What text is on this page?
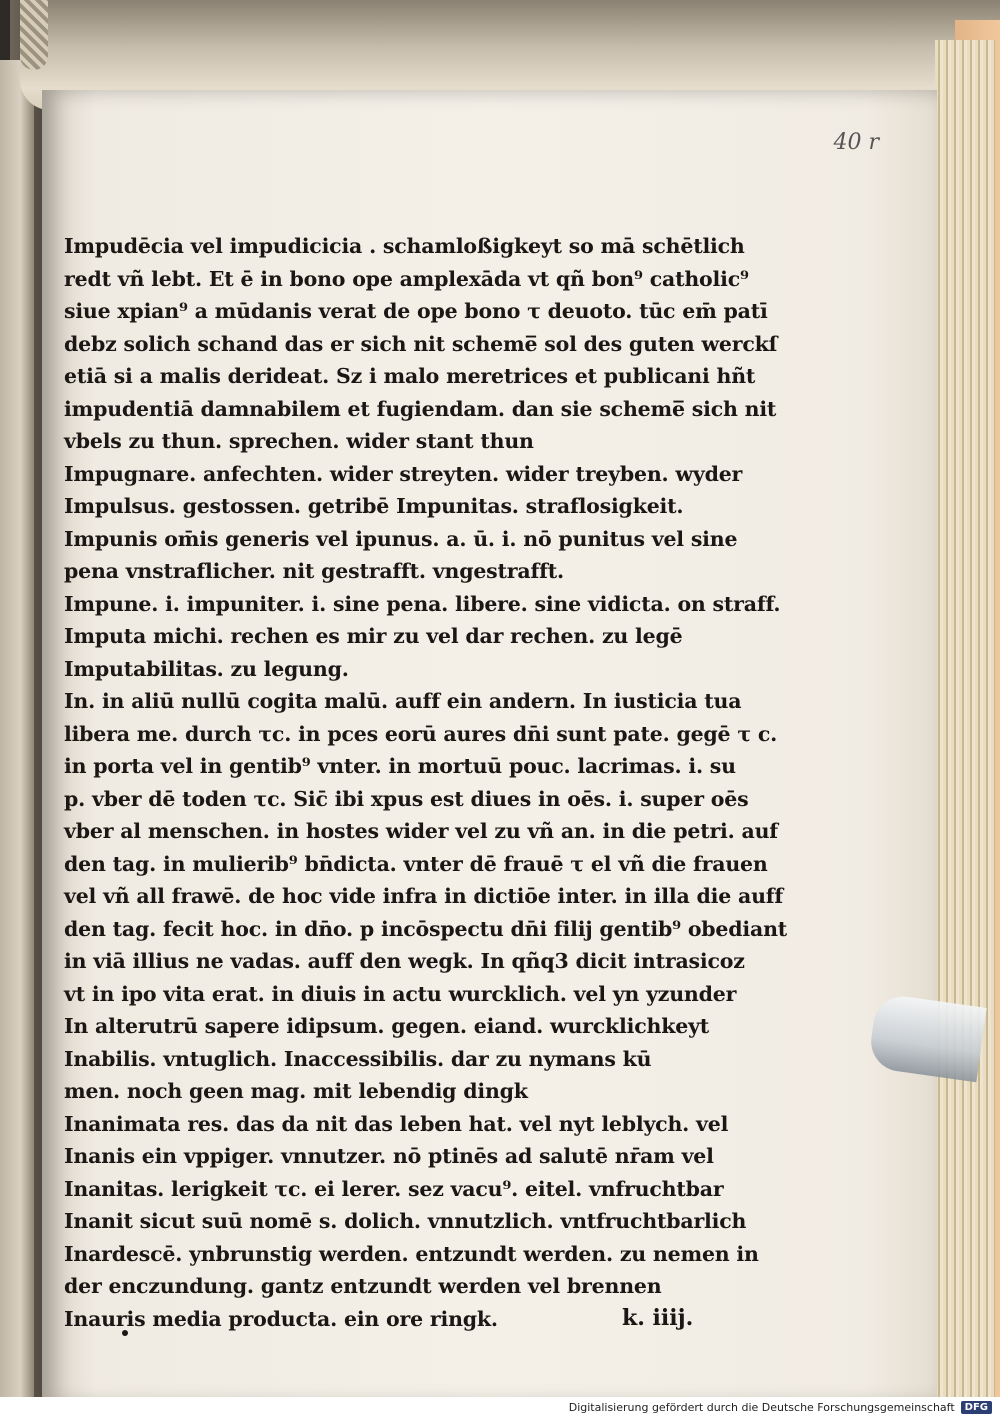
40 r
Impudēcia vel impudicicia . schamloßigkeyt so mā schētlich
redt vñ lebt. Et ē in bono ope amplexāda vt qñ bon⁹ catholic⁹
siue xpian⁹ a mūdanis verat de ope bono τ deuoto. tūc em̄ patī
debz solich schand das er sich nit scheme̅ sol des guten werckſ
etiā si a malis derideat. Sz i malo meretrices et publicani hñt
impudentiā damnabilem et fugiendam. dan sie scheme̅ sich nit
vbels zu thun. sprechen. wider stant thun
Impugnare. anfechten. wider streyten. wider treyben. wyder
Impulsus. gestossen. getribē Impunitas. straflosigkeit.
Impunis om̄is generis vel ipunus. a. ū. i. nō punitus vel sine
pena vnstraflicher. nit gestrafft. vngestrafft.
Impune. i. impuniter. i. sine pena. libere. sine vidicta. on straff.
Imputa michi. rechen es mir zu vel dar rechen. zu legē
Imputabilitas. zu legung.
In. in aliū nullū cogita malū. auff ein andern. In iusticia tua
libera me. durch τc. in pces eorū aures dn̄i sunt pate. gegē τ c.
in porta vel in gentib⁹ vnter. in mortuū pouc. lacrimas. i. su
p. vber dē toden τc. Sic̄ ibi xpus est diues in oēs. i. super oēs
vber al menschen. in hostes wider vel zu vñ an. in die petri. auf
den tag. in mulierib⁹ bn̄dicta. vnter dē frauē τ el vñ die frauen
vel vñ all frawē. de hoc vide infra in dictiōe inter. in illa die auff
den tag. fecit hoc. in dn̄o. p incōspectu dn̄i filij gentib⁹ obediant
in viā illius ne vadas. auff den wegk. In qñq3 dicit intrasicoz
vt in ipo vita erat. in diuis in actu wurcklich. vel yn yzunder
In alterutrū sapere idipsum. gegen. eiand. wurcklichkeyt
Inabilis. vntuglich. Inaccessibilis. dar zu nymans kū
men. noch geen mag. mit lebendig dingk
Inanimata res. das da nit das leben hat. vel nyt leblych. vel
Inanis ein vppiger. vnnutzer. nō ptinēs ad salutē nr̄am vel
Inanitas. lerigkeit τc. ei lerer. sez vacu⁹. eitel. vnfruchtbar
Inanit sicut suū nomē s. dolich. vnnutzlich. vntfruchtbarlich
Inardescē. ynbrunstig werden. entzundt werden. zu nemen in
der enczundung. gantz entzundt werden vel brennen
Inauris media producta. ein ore ringk.	k. iiij.
Digitalisierung gefördert durch die Deutsche Forschungsgemeinschaft	DFG
